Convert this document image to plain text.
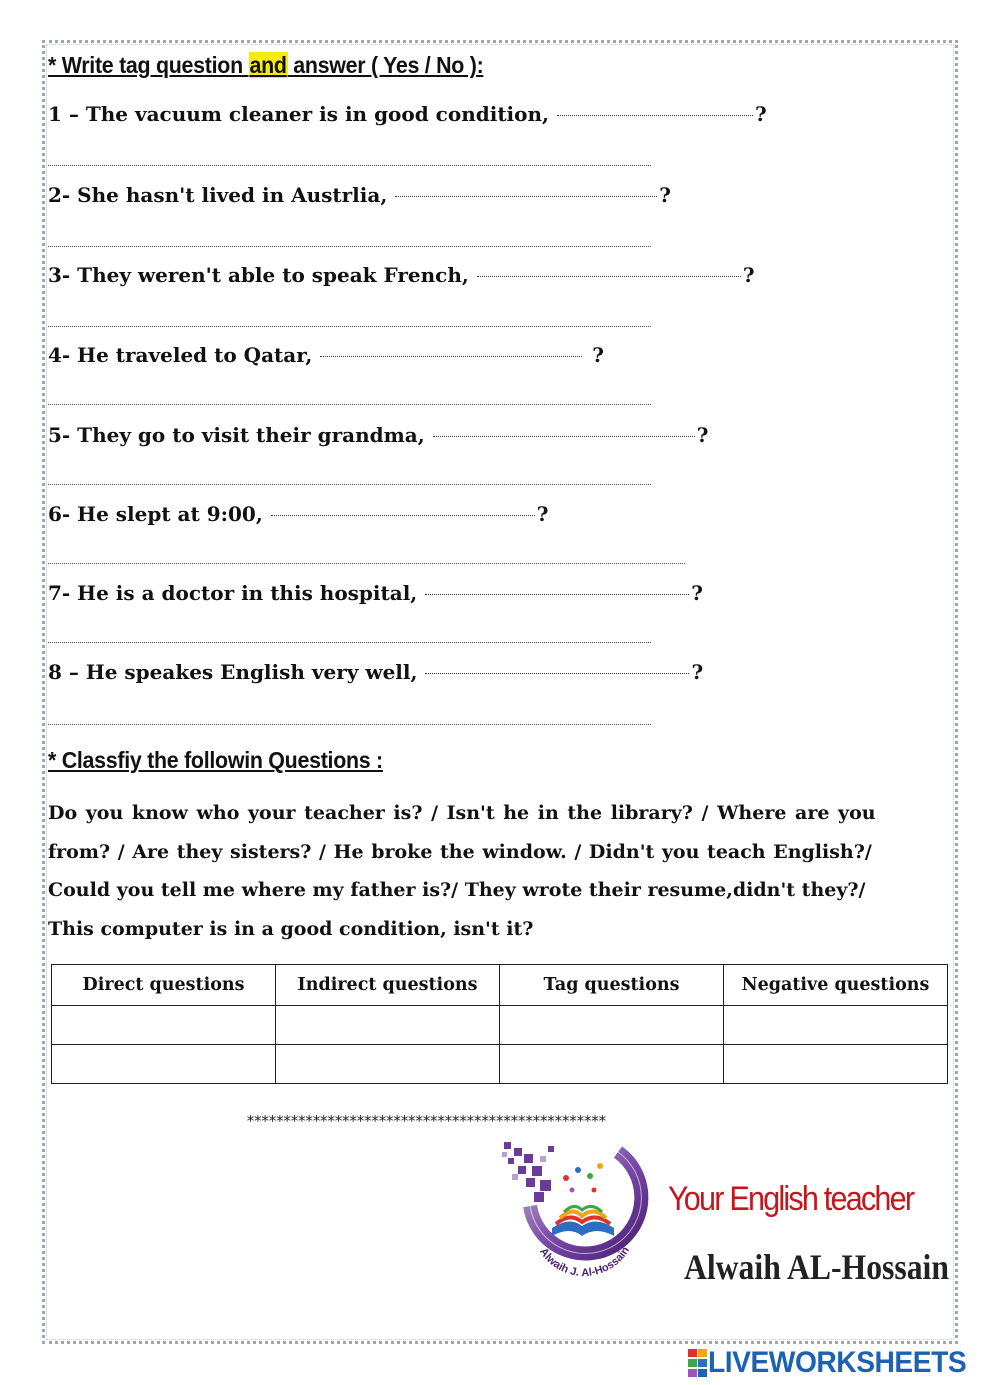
* Write tag question and answer ( Yes / No ):
1 – The vacuum cleaner is in good condition,	?
2- She hasn't lived in Austrlia,	?
3- They weren't able to speak French,	?
4- He traveled to Qatar,	?
5- They go to visit their grandma,	?
6- He slept at 9:00,	?
7- He is a doctor in this hospital,	?
8 – He speakes English very well,	?
* Classfiy the followin Questions :
Do you know who your teacher is? / Isn't he in the library? / Where are you
from? / Are they sisters? / He broke the window. / Didn't you teach English?/
Could you tell me where my father is?/ They wrote their resume,didn't they?/
This computer is in a good condition, isn't it?
Direct questions	Indirect questions	Tag questions	Negative questions

*************************************************
Alwaih J. Al-Hossain
Your English teacher
Alwaih AL-Hossain
LIVEWORKSHEETS
